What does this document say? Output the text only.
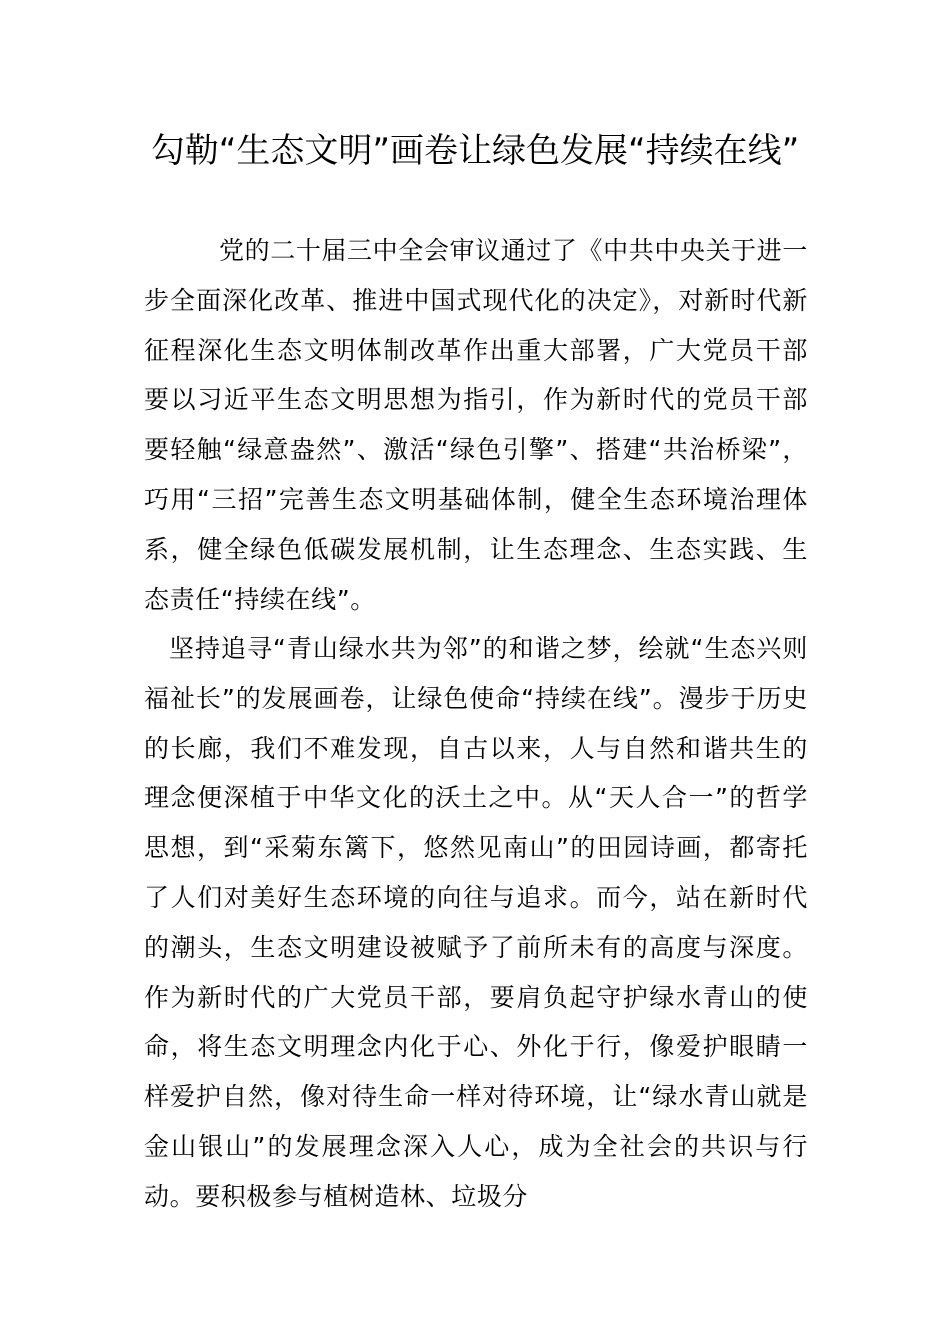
勾勒“生态文明”画卷让绿色发展“持续在线”

党的二十届三中全会审议通过了《中共中央关于进一步全面深化改革、推进中国式现代化的决定》，对新时代新征程深化生态文明体制改革作出重大部署，广大党员干部要以习近平生态文明思想为指引，作为新时代的党员干部要轻触“绿意盎然”、激活“绿色引擎”、搭建“共治桥梁”，巧用“三招”完善生态文明基础体制，健全生态环境治理体系，健全绿色低碳发展机制，让生态理念、生态实践、生态责任“持续在线”。

坚持追寻“青山绿水共为邻”的和谐之梦，绘就“生态兴则福祉长”的发展画卷，让绿色使命“持续在线”。漫步于历史的长廊，我们不难发现，自古以来，人与自然和谐共生的理念便深植于中华文化的沃土之中。从“天人合一”的哲学思想，到“采菊东篱下，悠然见南山”的田园诗画，都寄托了人们对美好生态环境的向往与追求。而今，站在新时代的潮头，生态文明建设被赋予了前所未有的高度与深度。作为新时代的广大党员干部，要肩负起守护绿水青山的使命，将生态文明理念内化于心、外化于行，像爱护眼睛一样爱护自然，像对待生命一样对待环境，让“绿水青山就是金山银山”的发展理念深入人心，成为全社会的共识与行动。要积极参与植树造林、垃圾分
